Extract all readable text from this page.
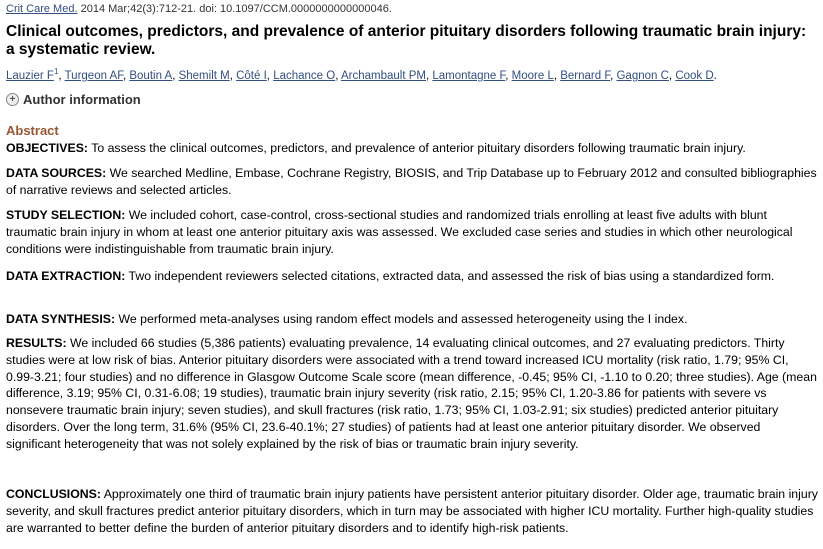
Crit Care Med. 2014 Mar;42(3):712-21. doi: 10.1097/CCM.0000000000000046.
Clinical outcomes, predictors, and prevalence of anterior pituitary disorders following traumatic brain injury: a systematic review.
Lauzier $F^1$, Turgeon AF, Boutin A, Shemilt M, Côté I, Lachance O, Archambault PM, Lamontagne F, Moore L, Bernard F, Gagnon C, Cook D.
+ Author information
Abstract
OBJECTIVES: To assess the clinical outcomes, predictors, and prevalence of anterior pituitary disorders following traumatic brain injury.
DATA SOURCES: We searched Medline, Embase, Cochrane Registry, BIOSIS, and Trip Database up to February 2012 and consulted bibliographies of narrative reviews and selected articles.
STUDY SELECTION: We included cohort, case-control, cross-sectional studies and randomized trials enrolling at least five adults with blunt traumatic brain injury in whom at least one anterior pituitary axis was assessed. We excluded case series and studies in which other neurological conditions were indistinguishable from traumatic brain injury.
DATA EXTRACTION: Two independent reviewers selected citations, extracted data, and assessed the risk of bias using a standardized form.
DATA SYNTHESIS: We performed meta-analyses using random effect models and assessed heterogeneity using the I index.
RESULTS: We included 66 studies (5,386 patients) evaluating prevalence, 14 evaluating clinical outcomes, and 27 evaluating predictors. Thirty studies were at low risk of bias. Anterior pituitary disorders were associated with a trend toward increased ICU mortality (risk ratio, 1.79; 95% CI, 0.99-3.21; four studies) and no difference in Glasgow Outcome Scale score (mean difference, -0.45; 95% CI, -1.10 to 0.20; three studies). Age (mean difference, 3.19; 95% CI, 0.31-6.08; 19 studies), traumatic brain injury severity (risk ratio, 2.15; 95% CI, 1.20-3.86 for patients with severe vs nonsevere traumatic brain injury; seven studies), and skull fractures (risk ratio, 1.73; 95% CI, 1.03-2.91; six studies) predicted anterior pituitary disorders. Over the long term, 31.6% (95% CI, 23.6-40.1%; 27 studies) of patients had at least one anterior pituitary disorder. We observed significant heterogeneity that was not solely explained by the risk of bias or traumatic brain injury severity.
CONCLUSIONS: Approximately one third of traumatic brain injury patients have persistent anterior pituitary disorder. Older age, traumatic brain injury severity, and skull fractures predict anterior pituitary disorders, which in turn may be associated with higher ICU mortality. Further high-quality studies are warranted to better define the burden of anterior pituitary disorders and to identify high-risk patients.
